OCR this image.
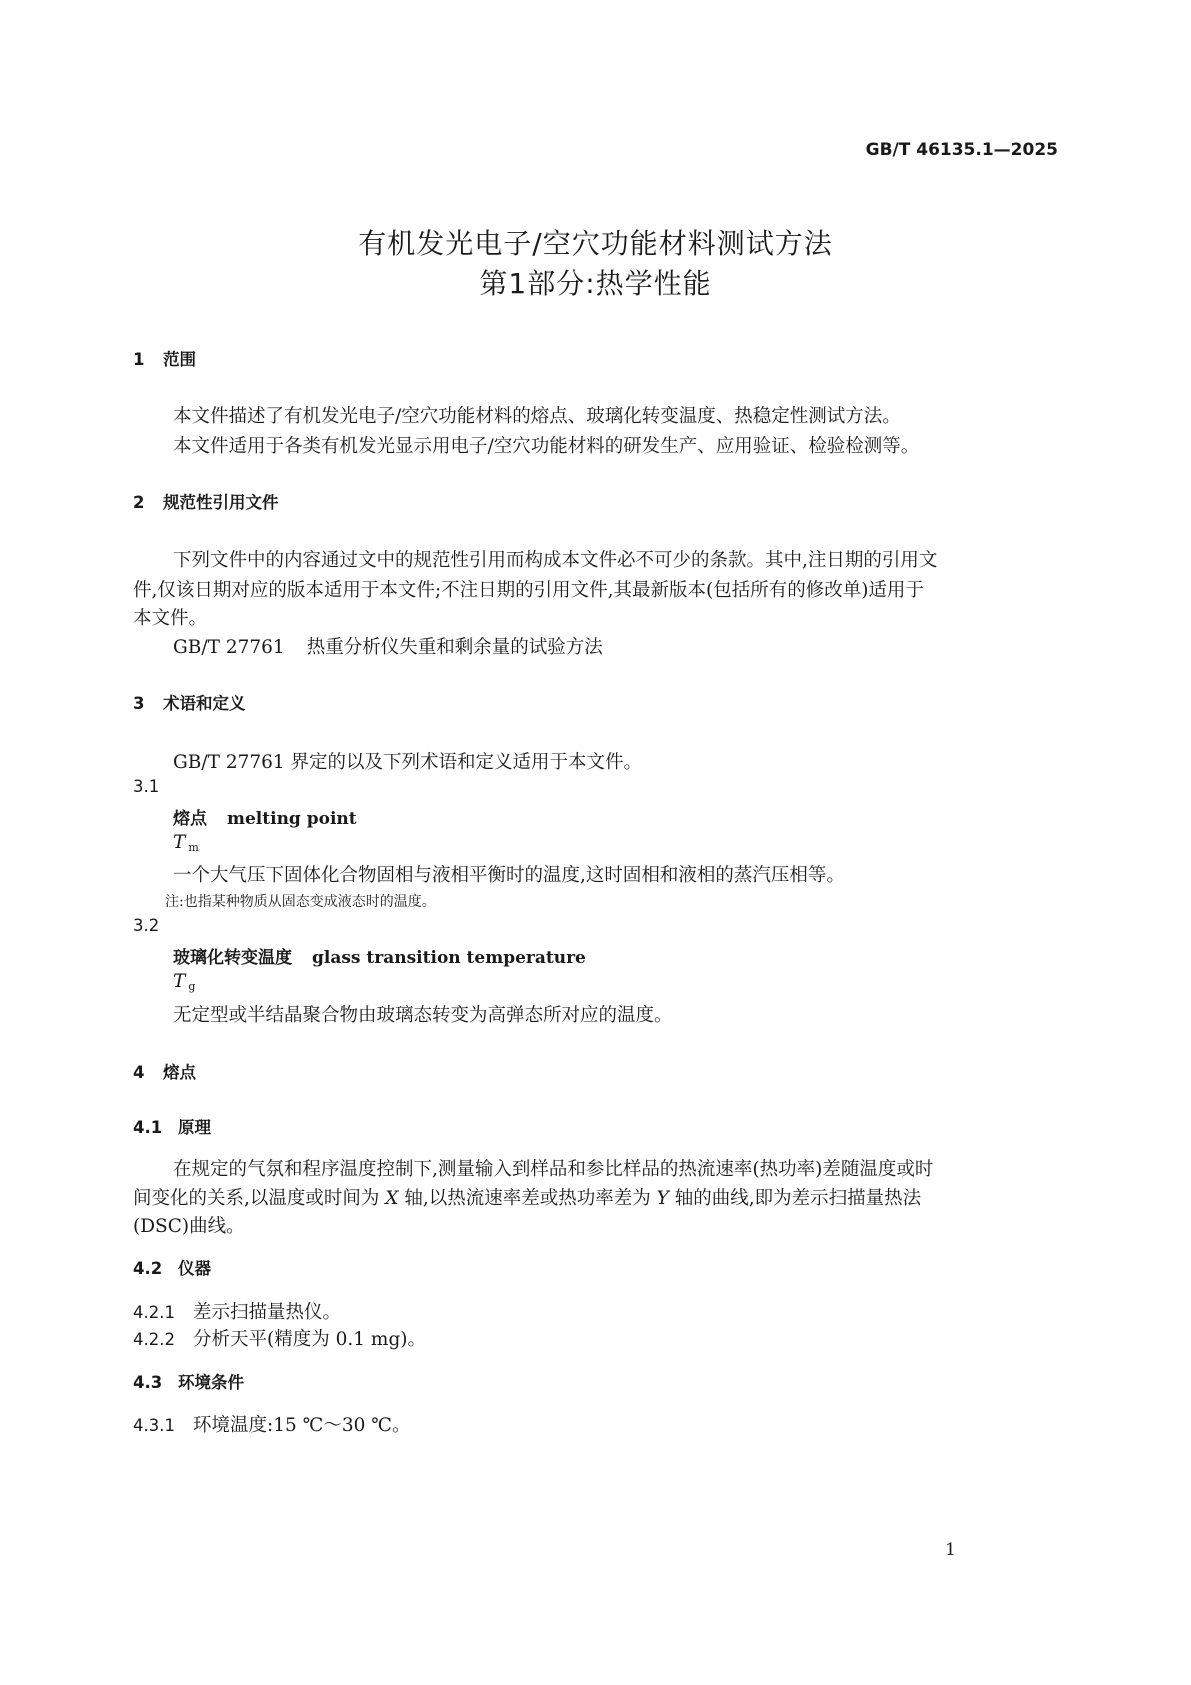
GB/T 46135.1—2025
有机发光电子/空穴功能材料测试方法
第1部分:热学性能
1 范围
本文件描述了有机发光电子/空穴功能材料的熔点、玻璃化转变温度、热稳定性测试方法。
本文件适用于各类有机发光显示用电子/空穴功能材料的研发生产、应用验证、检验检测等。
2 规范性引用文件
下列文件中的内容通过文中的规范性引用而构成本文件必不可少的条款。其中,注日期的引用文
件,仅该日期对应的版本适用于本文件;不注日期的引用文件,其最新版本(包括所有的修改单)适用于
本文件。
GB/T 27761 热重分析仪失重和剩余量的试验方法
3 术语和定义
GB/T 27761 界定的以及下列术语和定义适用于本文件。
3.1
熔点 melting point
T $_m$
一个大气压下固体化合物固相与液相平衡时的温度,这时固相和液相的蒸汽压相等。
注:也指某种物质从固态变成液态时的温度。
3.2
玻璃化转变温度 glass transition temperature
T $_g$
无定型或半结晶聚合物由玻璃态转变为高弹态所对应的温度。
4 熔点
4.1 原理
在规定的气氛和程序温度控制下,测量输入到样品和参比样品的热流速率(热功率)差随温度或时
间变化的关系,以温度或时间为 X 轴,以热流速率差或热功率差为 Y 轴的曲线,即为差示扫描量热法
(DSC)曲线。
4.2 仪器
4.2.1 差示扫描量热仪。
4.2.2 分析天平(精度为 0.1 mg)。
4.3 环境条件
4.3.1 环境温度:15 ℃～30 ℃。
1
